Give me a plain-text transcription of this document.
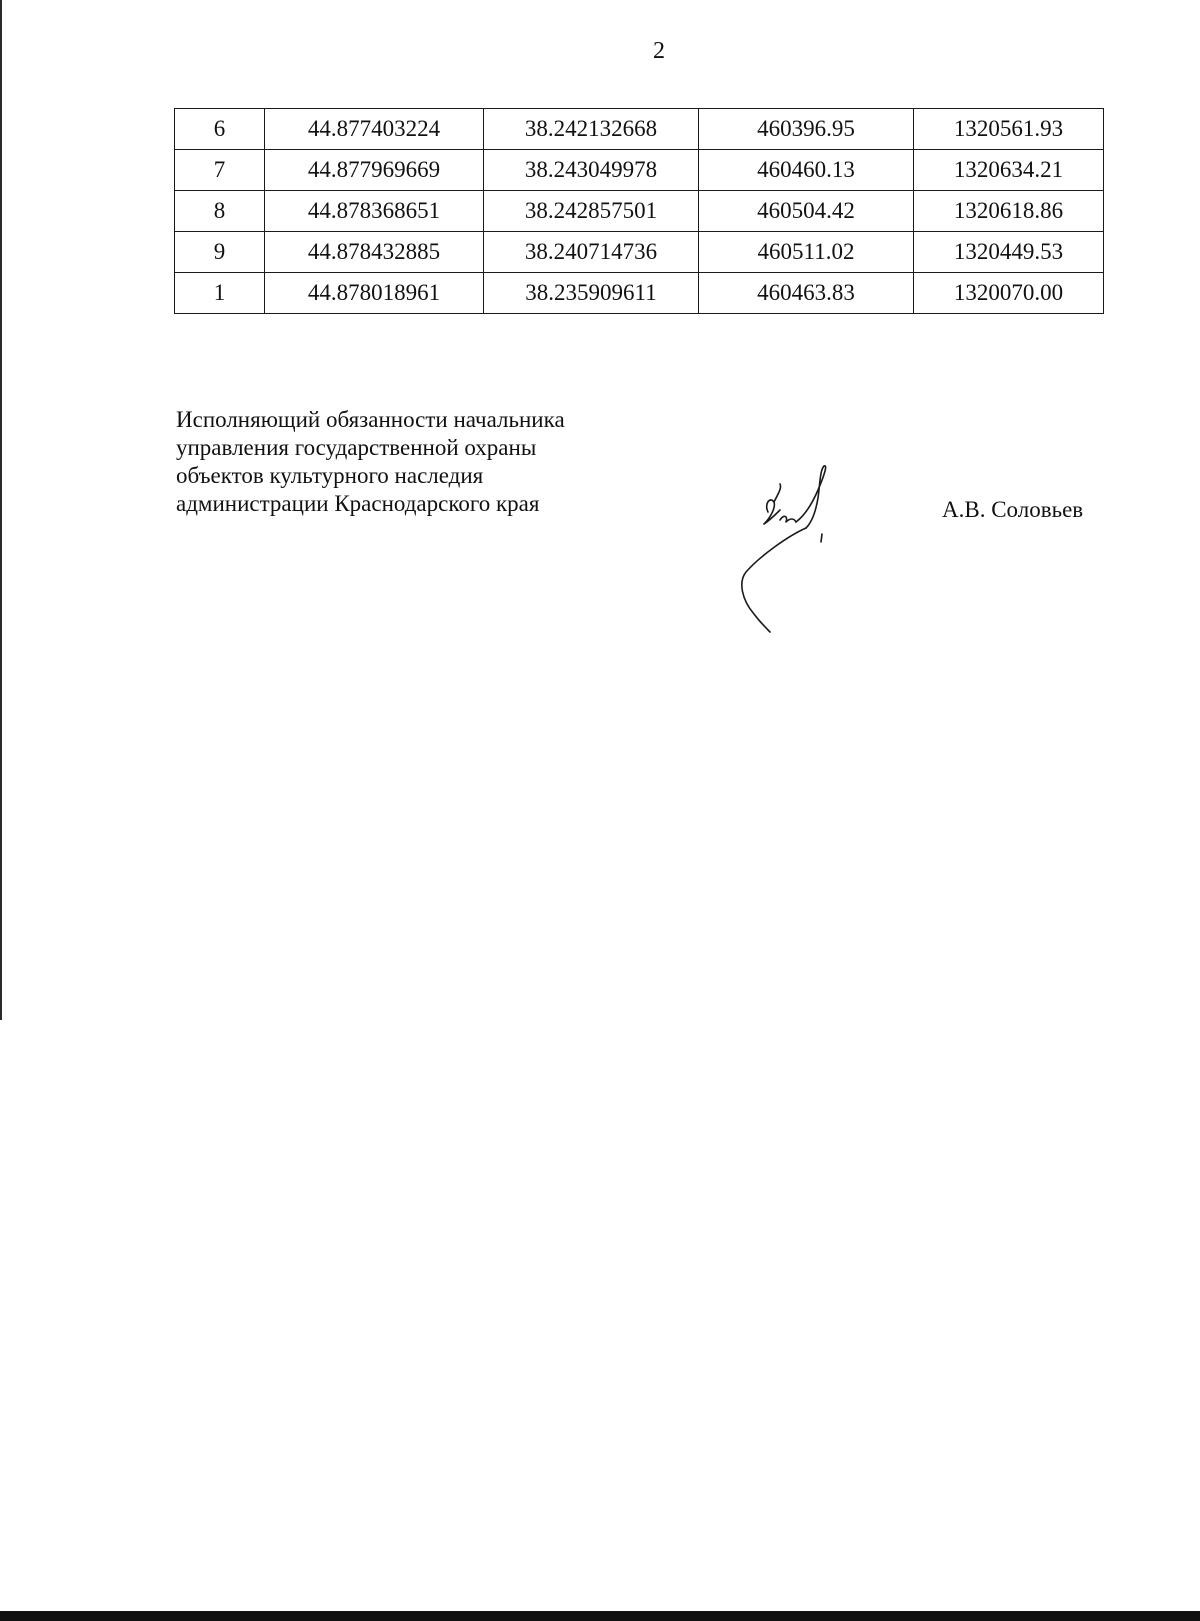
2
6	44.877403224	38.242132668	460396.95	1320561.93
7	44.877969669	38.243049978	460460.13	1320634.21
8	44.878368651	38.242857501	460504.42	1320618.86
9	44.878432885	38.240714736	460511.02	1320449.53
1	44.878018961	38.235909611	460463.83	1320070.00
Исполняющий обязанности начальника
управления государственной охраны
объектов культурного наследия
администрации Краснодарского края	А.В. Соловьев
